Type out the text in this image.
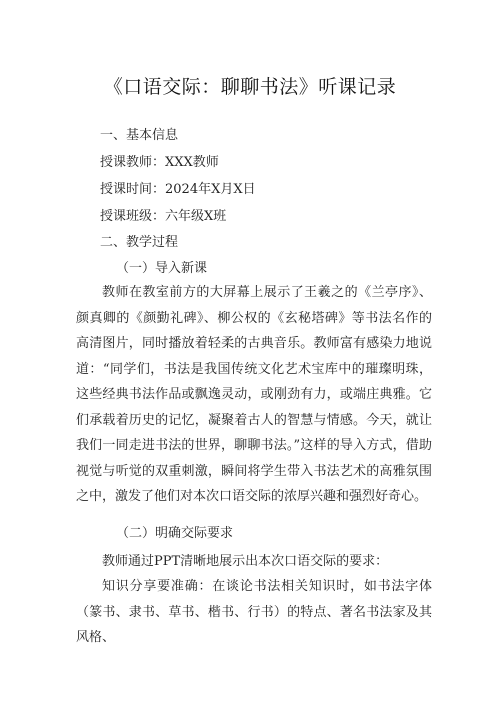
《口语交际：聊聊书法》听课记录
一、基本信息
授课教师：XXX教师
授课时间：2024年X月X日
授课班级：六年级X班
二、教学过程
（一）导入新课
教师在教室前方的大屏幕上展示了王羲之的《兰亭序》、颜真卿的《颜勤礼碑》、柳公权的《玄秘塔碑》等书法名作的高清图片，同时播放着轻柔的古典音乐。教师富有感染力地说道：“同学们，书法是我国传统文化艺术宝库中的璀璨明珠，这些经典书法作品或飘逸灵动，或刚劲有力，或端庄典雅。它们承载着历史的记忆，凝聚着古人的智慧与情感。今天，就让我们一同走进书法的世界，聊聊书法。”这样的导入方式，借助视觉与听觉的双重刺激，瞬间将学生带入书法艺术的高雅氛围之中，激发了他们对本次口语交际的浓厚兴趣和强烈好奇心。
（二）明确交际要求
教师通过PPT清晰地展示出本次口语交际的要求：
知识分享要准确：在谈论书法相关知识时，如书法字体（篆书、隶书、草书、楷书、行书）的特点、著名书法家及其风格、
